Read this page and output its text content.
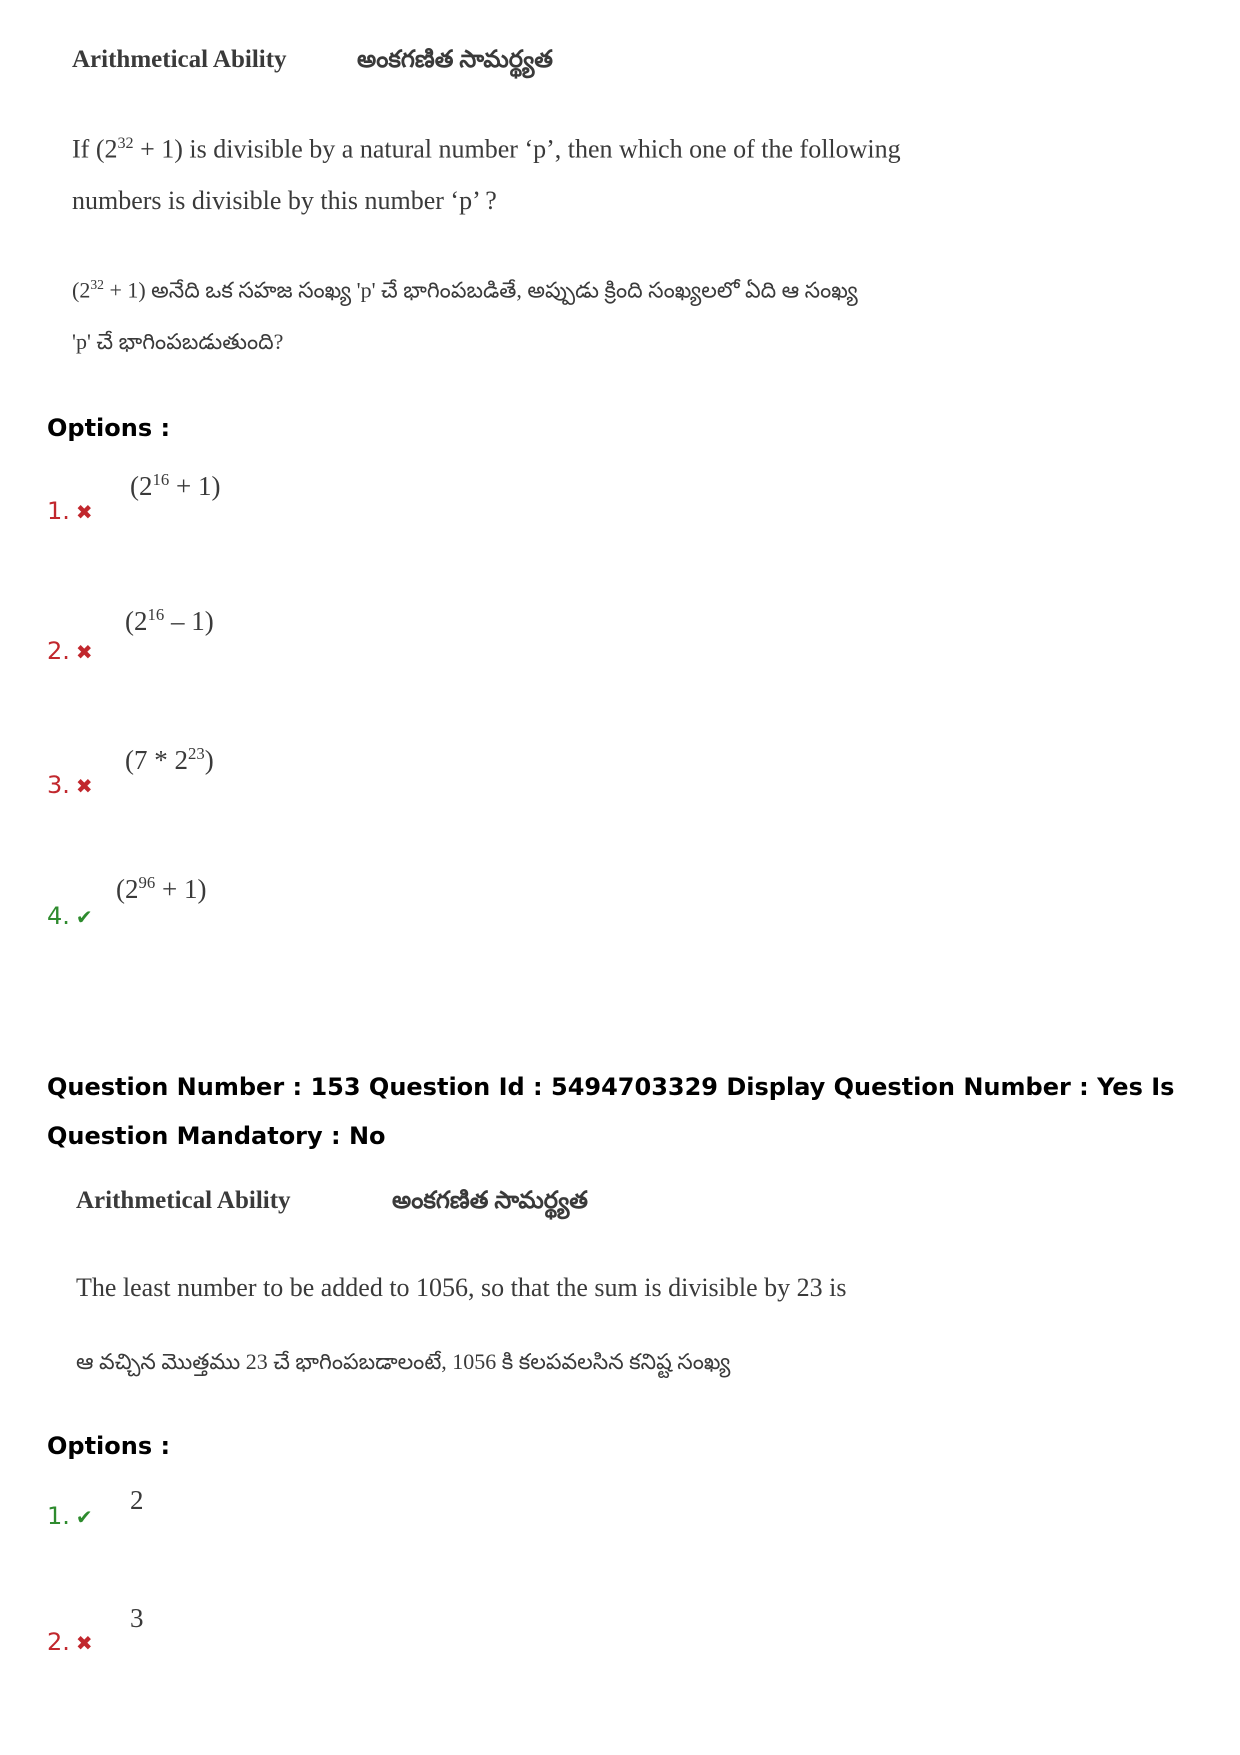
Arithmetical Ability	అంకగణిత సామర్థ్యత
If $(2^{32} + 1)$ is divisible by a natural number ‘p’, then which one of the following
numbers is divisible by this number ‘p’ ?
$(2^{32} + 1)$ అనేది ఒక సహజ సంఖ్య 'p' చే భాగింపబడితే, అప్పుడు క్రింది సంఖ్యలలో ఏది ఆ సంఖ్య
'p' చే భాగింపబడుతుంది?
Options :
1. ✖
$(2^{16} + 1)$
2. ✖
$(2^{16} - 1)$
3. ✖
$(7 * 2^{23})$
4. ✔
$(2^{96} + 1)$
Question Number : 153 Question Id : 5494703329 Display Question Number : Yes Is Question Mandatory : No
Arithmetical Ability	అంకగణిత సామర్థ్యత
The least number to be added to 1056, so that the sum is divisible by 23 is
ఆ వచ్చిన మొత్తము 23 చే భాగింపబడాలంటే, 1056 కి కలపవలసిన కనిష్ట సంఖ్య
Options :
1. ✔
2
2. ✖
3
